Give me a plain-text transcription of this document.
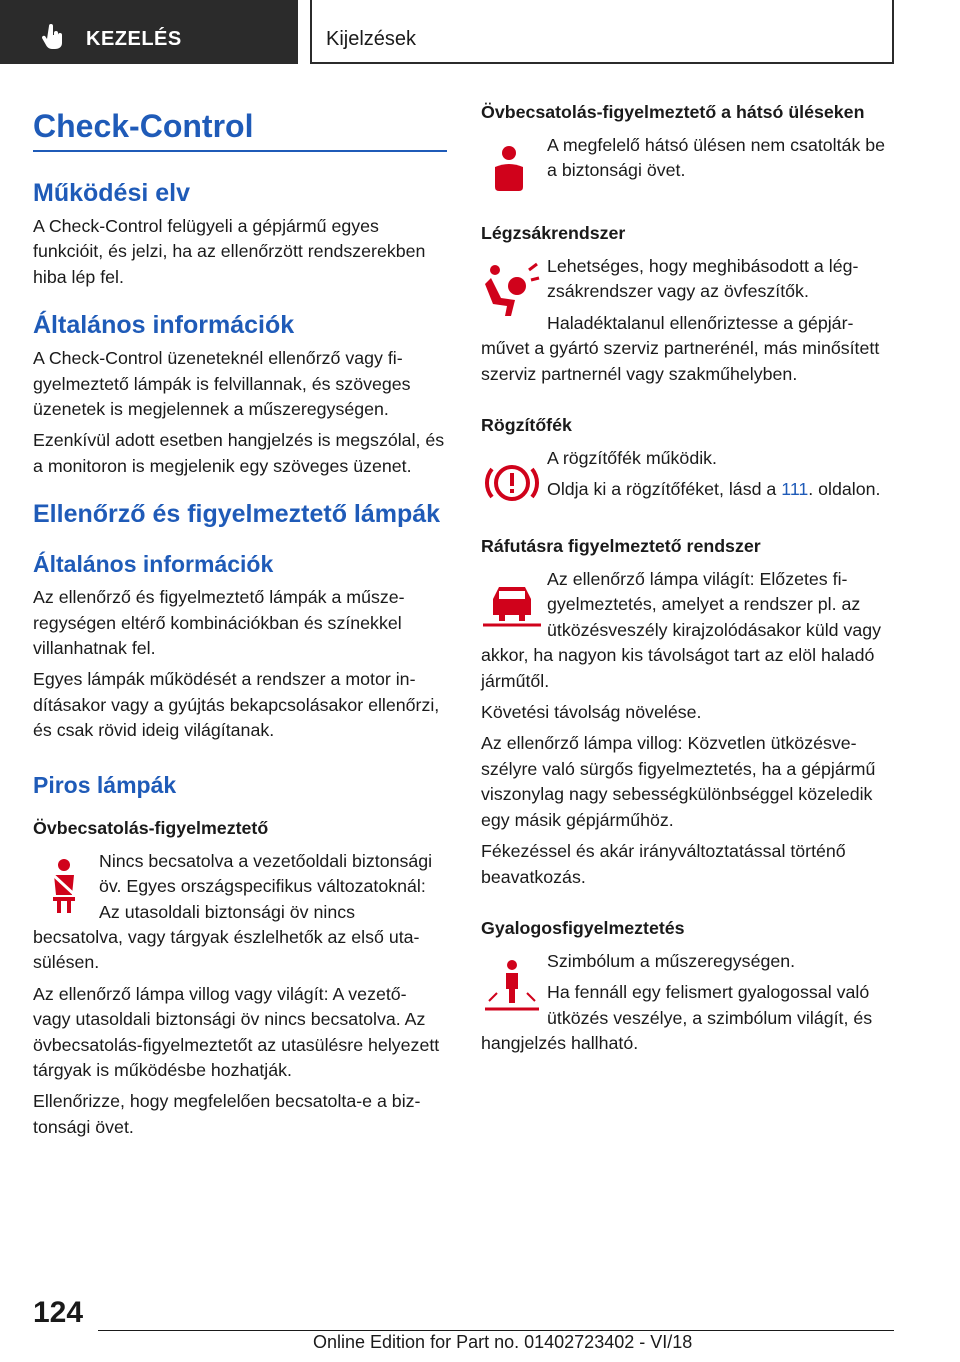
KEZELÉS	Kijelzések
Check-Control
Működési elv

A Check-Control felügyeli a gépjármű egyes funkcióit, és jelzi, ha az ellenőrzött rendszerekben hiba lép fel.

Általános információk

A Check-Control üzeneteknél ellenőrző vagy figyelmeztető lámpák is felvillannak, és szöveges üzenetek is megjelennek a műszeregységen.

Ezenkívül adott esetben hangjelzés is megszólal, és a monitoron is megjelenik egy szöveges üzenet.

Ellenőrző és figyelmeztető lámpák
Általános információk

Az ellenőrző és figyelmeztető lámpák a műszeregységen eltérő kombinációkban és színekkel villanhatnak fel.

Egyes lámpák működését a rendszer a motor indításakor vagy a gyújtás bekapcsolásakor ellenőrzi, és csak rövid ideig világítanak.

Piros lámpák
Övbecsatolás-figyelmeztető

Nincs becsatolva a vezetőoldali biztonsági öv. Egyes országspecifikus változatoknál: Az utasoldali biztonsági öv nincs becsatolva, vagy tárgyak észlelhetők az első utasülésen.

Az ellenőrző lámpa villog vagy világít: A vezető- vagy utasoldali biztonsági öv nincs becsatolva. Az övbecsatolás-figyelmeztetőt az utasülésre helyezett tárgyak is működésbe hozhatják.

Ellenőrizze, hogy megfelelően becsatolta-e a biztonsági övet.

Övbecsatolás-figyelmeztető a hátsó üléseken

A megfelelő hátsó ülésen nem csatolták be a biztonsági övet.

Légzsákrendszer

Lehetséges, hogy meghibásodott a légzsákrendszer vagy az övfeszítők.

Haladéktalanul ellenőriztesse a gépjárművet a gyártó szerviz partnerénél, más minősített szerviz partnernél vagy szakműhelyben.

Rögzítőfék

A rögzítőfék működik.

Oldja ki a rögzítőféket, lásd a 111. oldalon.

Ráfutásra figyelmeztető rendszer

Az ellenőrző lámpa világít: Előzetes figyelmeztetés, amelyet a rendszer pl. az ütközésveszély kirajzolódásakor küld vagy akkor, ha nagyon kis távolságot tart az elöl haladó járműtől.

Követési távolság növelése.

Az ellenőrző lámpa villog: Közvetlen ütközésveszélyre való sürgős figyelmeztetés, ha a gépjármű viszonylag nagy sebességkülönbséggel közeledik egy másik gépjárműhöz.

Fékezéssel és akár irányváltoztatással történő beavatkozás.

Gyalogosfigyelmeztetés

Szimbólum a műszeregységen.

Ha fennáll egy felismert gyalogossal való ütközés veszélye, a szimbólum világít, és hangjelzés hallható.

124
Online Edition for Part no. 01402723402 - VI/18
